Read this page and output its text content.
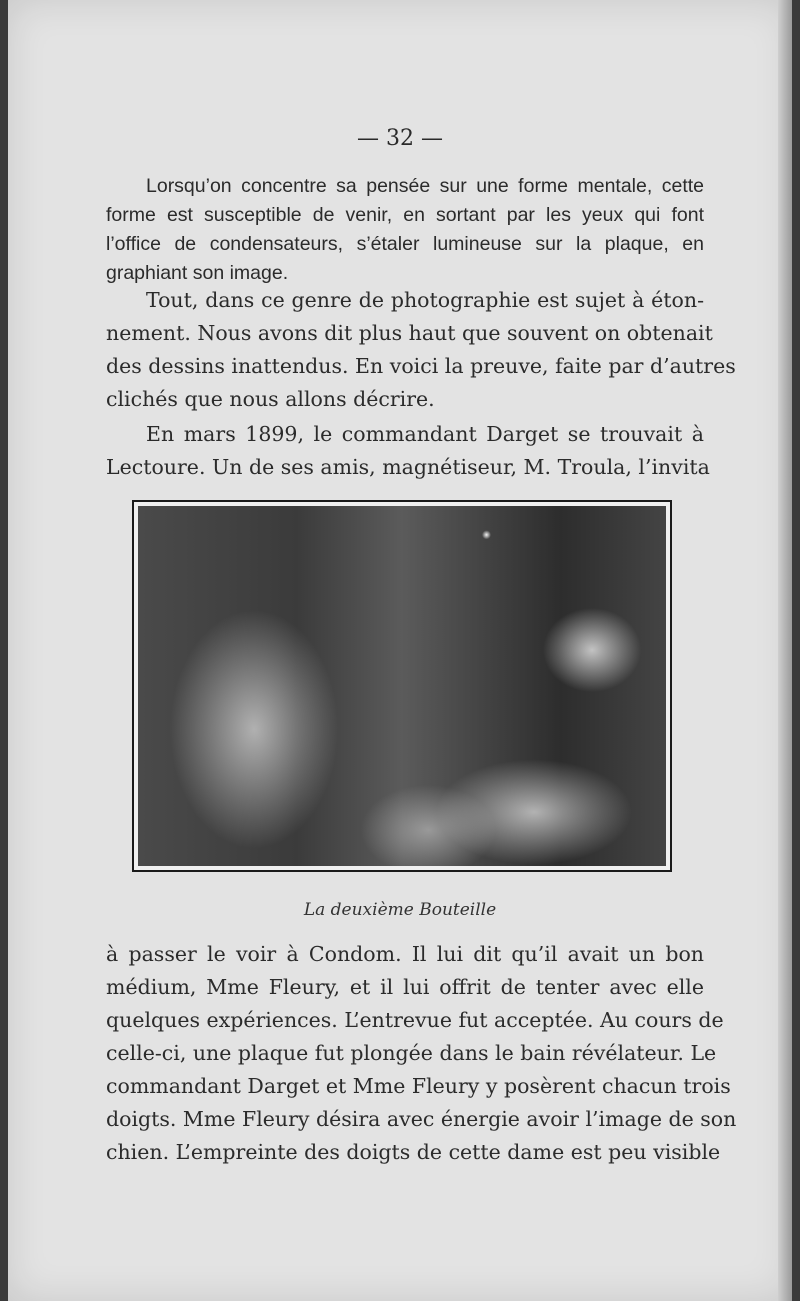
— 32 —
Lorsqu’on concentre sa pensée sur une forme mentale, cette
forme est susceptible de venir, en sortant par les yeux qui font
l’office de condensateurs, s’étaler lumineuse sur la plaque, en
graphiant son image.
Tout, dans ce genre de photographie est sujet à éton-
nement. Nous avons dit plus haut que souvent on obtenait
des dessins inattendus. En voici la preuve, faite par d’autres
clichés que nous allons décrire.
En mars 1899, le commandant Darget se trouvait à
Lectoure. Un de ses amis, magnétiseur, M. Troula, l’invita
La deuxième Bouteille
à passer le voir à Condom. Il lui dit qu’il avait un bon
médium, Mme Fleury, et il lui offrit de tenter avec elle
quelques expériences. L’entrevue fut acceptée. Au cours de
celle-ci, une plaque fut plongée dans le bain révélateur. Le
commandant Darget et Mme Fleury y posèrent chacun trois
doigts. Mme Fleury désira avec énergie avoir l’image de son
chien. L’empreinte des doigts de cette dame est peu visible
